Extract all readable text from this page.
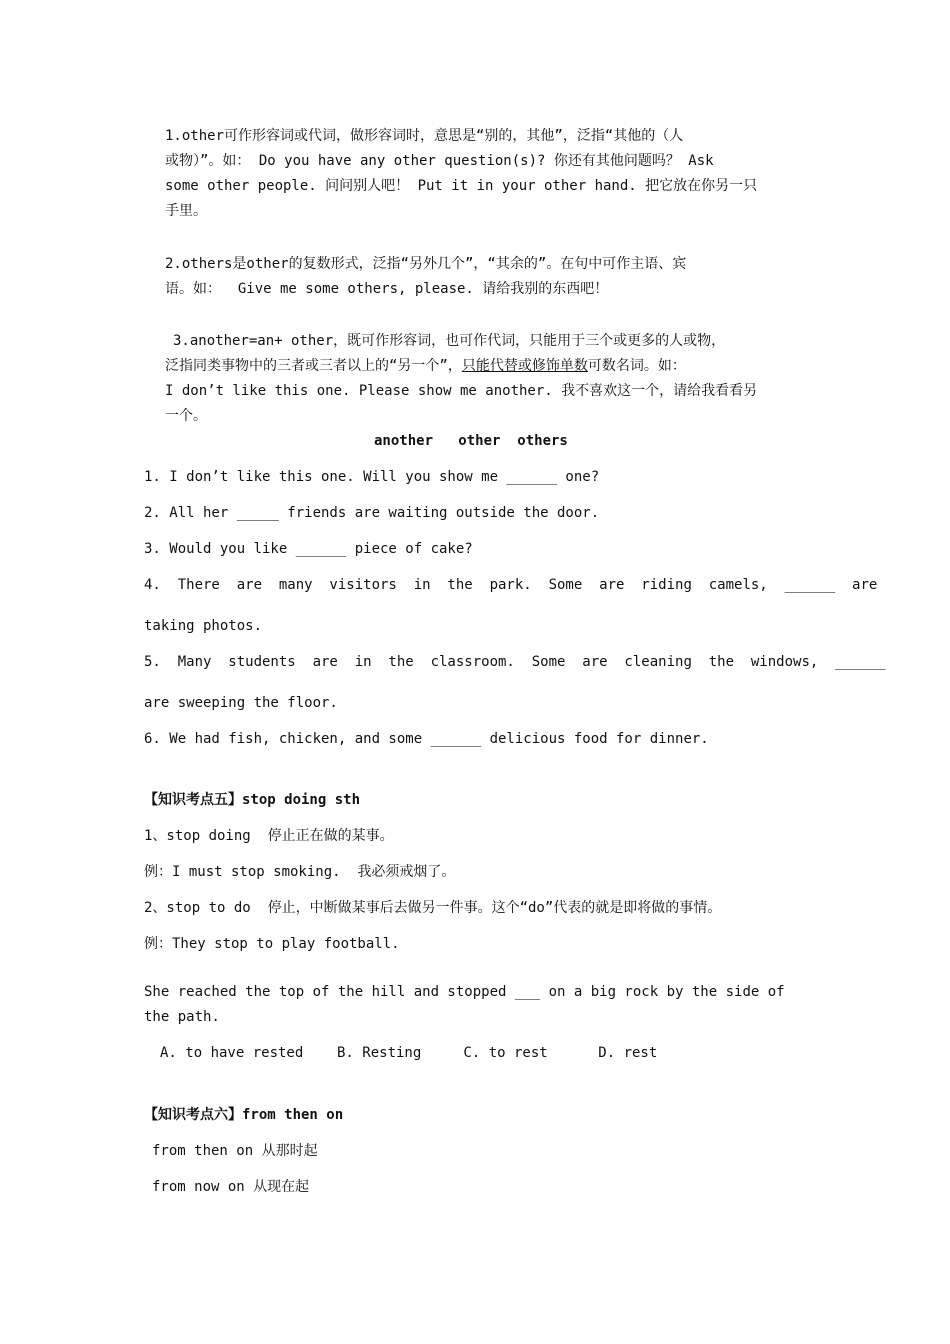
1.other可作形容词或代词，做形容词时，意思是“别的，其他”，泛指“其他的（人
或物）”。如： Do you have any other question(s)? 你还有其他问题吗？ Ask
some other people. 问问别人吧！ Put it in your other hand. 把它放在你另一只
手里。
2.others是other的复数形式，泛指“另外几个”，“其余的”。在句中可作主语、宾
语。如：  Give me some others, please. 请给我别的东西吧！
3.another=an+ other，既可作形容词，也可作代词，只能用于三个或更多的人或物，
泛指同类事物中的三者或三者以上的“另一个”，只能代替或修饰单数可数名词。如：
I don’t like this one. Please show me another. 我不喜欢这一个，请给我看看另
一个。
another   other  others
1. I don’t like this one. Will you show me ______ one?
2. All her _____ friends are waiting outside the door.
3. Would you like ______ piece of cake?
4.  There  are  many  visitors  in  the  park.  Some  are  riding  camels,  ______  are
taking photos.
5.  Many  students  are  in  the  classroom.  Some  are  cleaning  the  windows,  ______
are sweeping the floor.
6. We had fish, chicken, and some ______ delicious food for dinner.
【知识考点五】stop doing sth
1、stop doing  停止正在做的某事。
例：I must stop smoking.  我必须戒烟了。
2、stop to do  停止，中断做某事后去做另一件事。这个“do”代表的就是即将做的事情。
例：They stop to play football.
She reached the top of the hill and stopped ___ on a big rock by the side of
the path.
A. to have rested    B. Resting     C. to rest      D. rest
【知识考点六】from then on
from then on 从那时起
from now on 从现在起
